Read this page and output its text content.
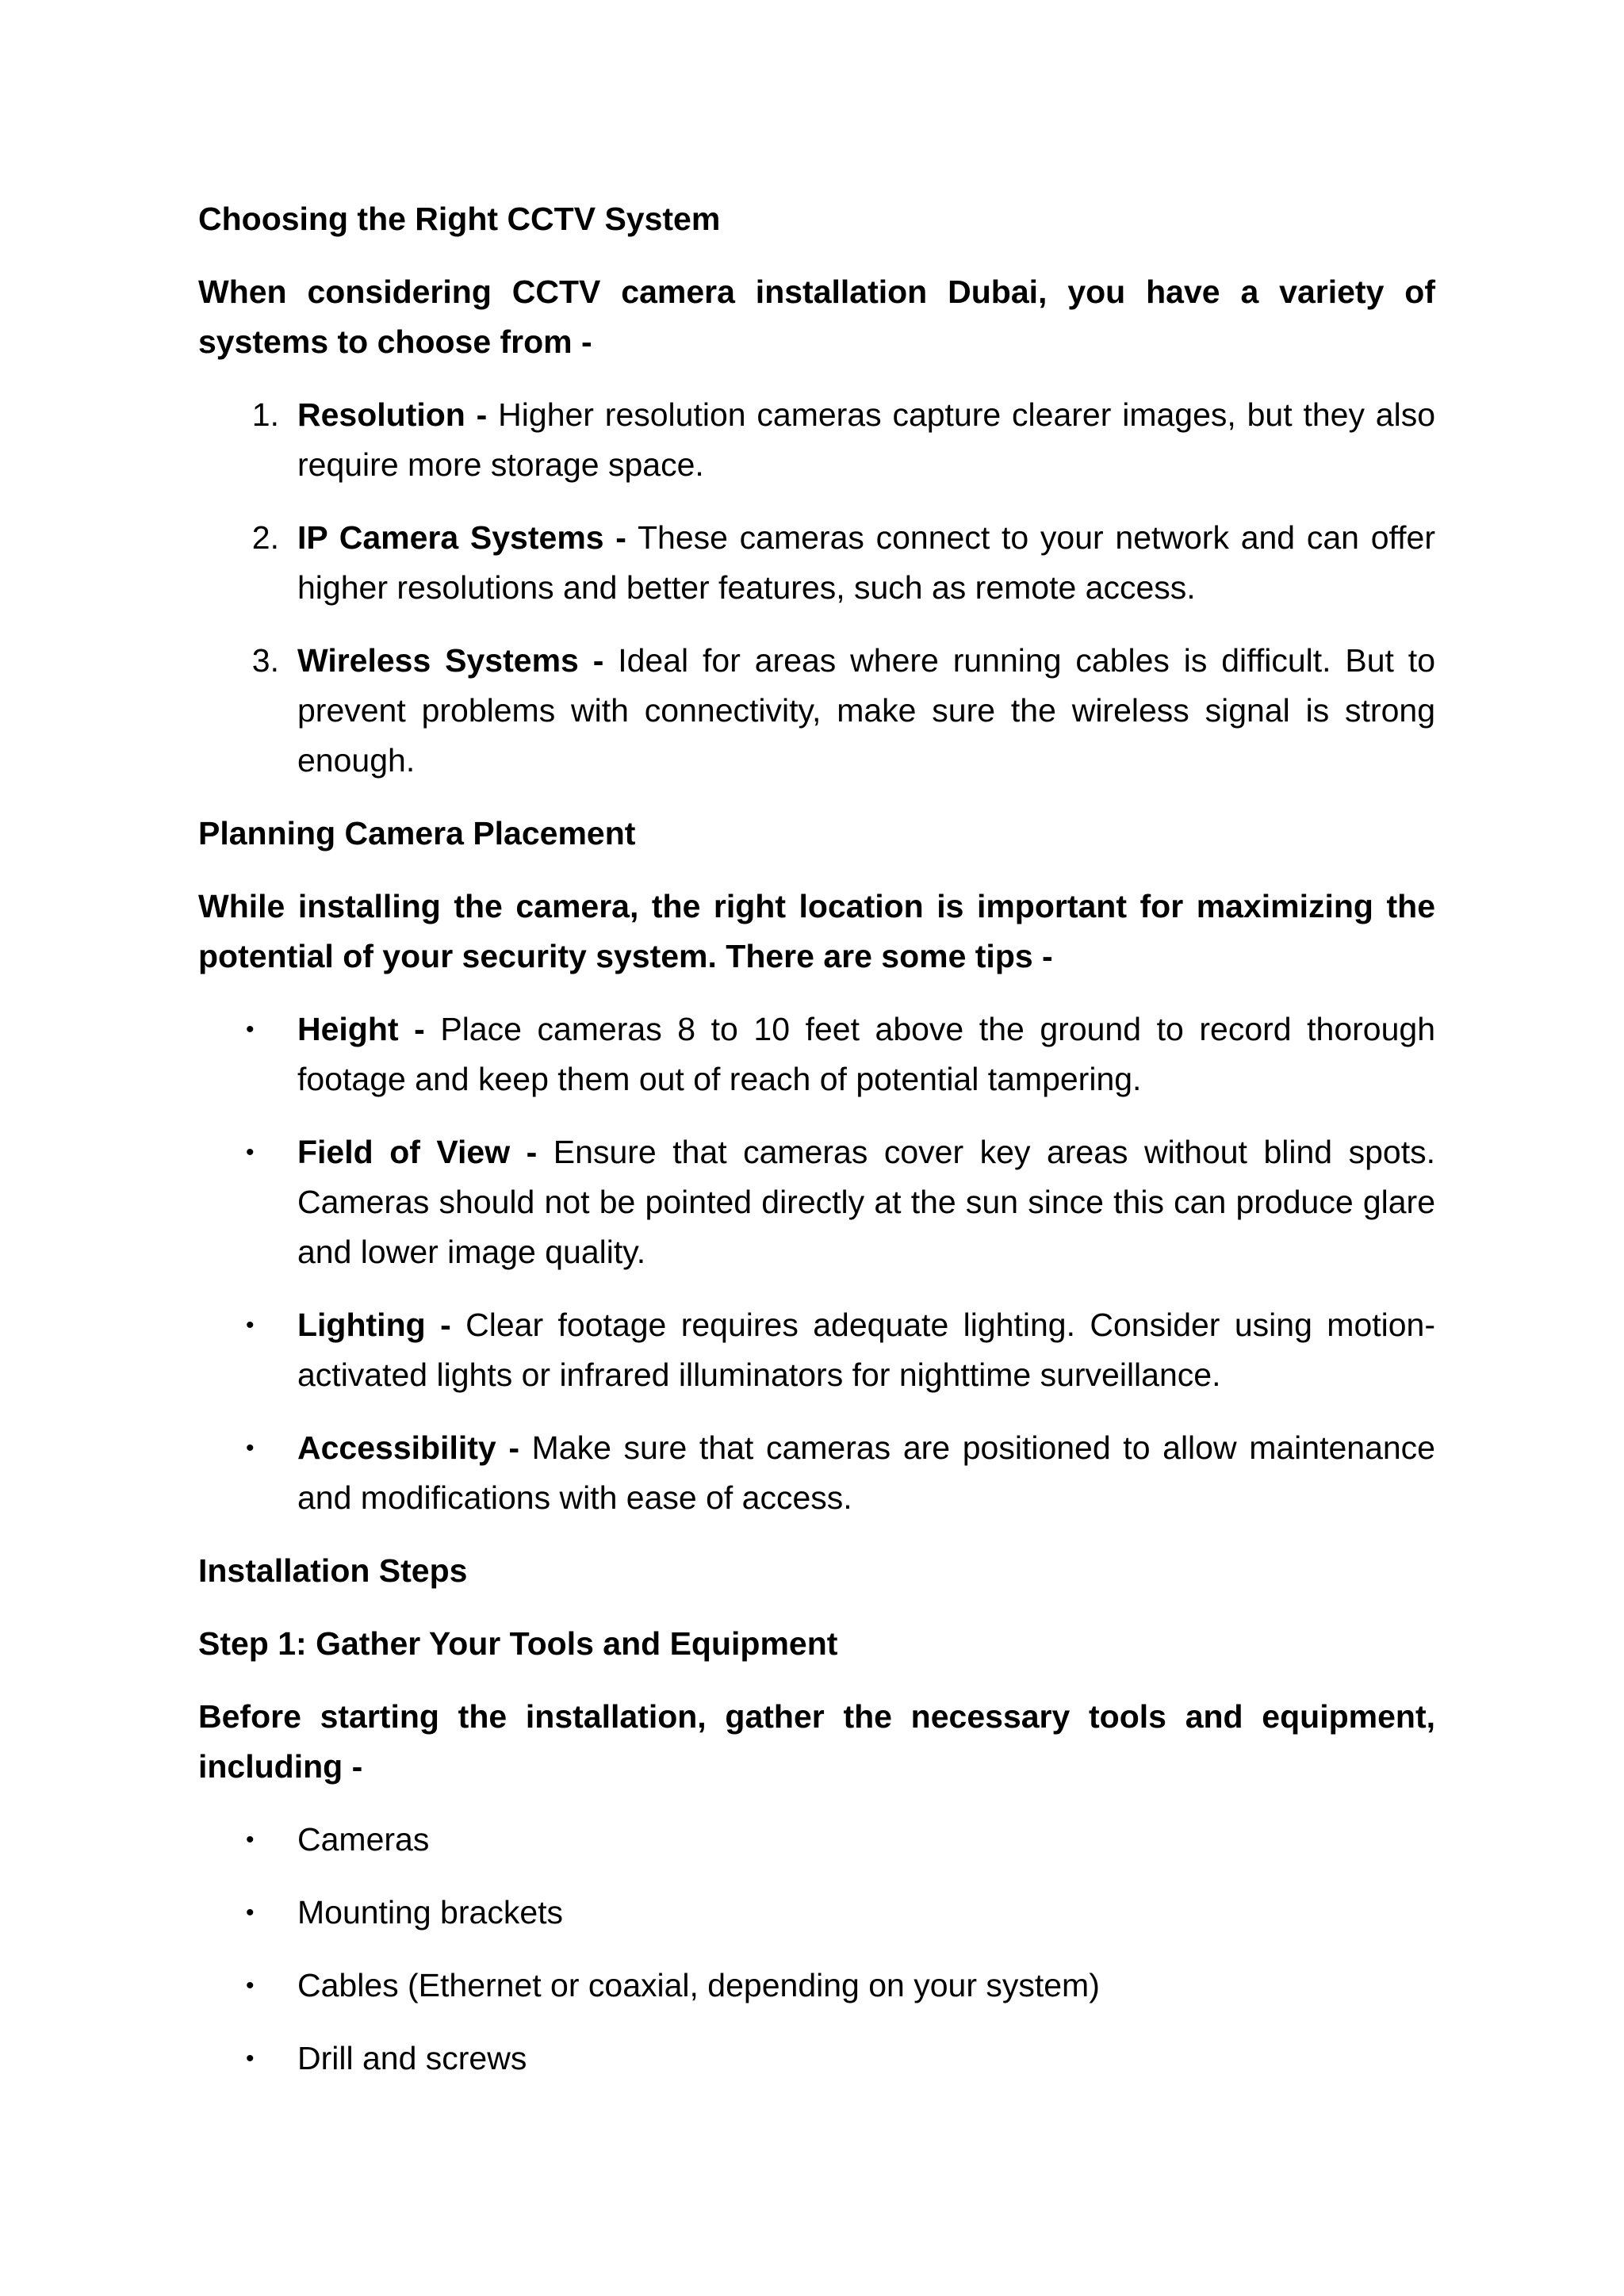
Choosing the Right CCTV System
When considering CCTV camera installation Dubai, you have a variety of systems to choose from -
1. Resolution - Higher resolution cameras capture clearer images, but they also require more storage space.
2. IP Camera Systems - These cameras connect to your network and can offer higher resolutions and better features, such as remote access.
3. Wireless Systems - Ideal for areas where running cables is difficult. But to prevent problems with connectivity, make sure the wireless signal is strong enough.
Planning Camera Placement
While installing the camera, the right location is important for maximizing the potential of your security system. There are some tips -
• Height - Place cameras 8 to 10 feet above the ground to record thorough footage and keep them out of reach of potential tampering.
• Field of View - Ensure that cameras cover key areas without blind spots. Cameras should not be pointed directly at the sun since this can produce glare and lower image quality.
• Lighting - Clear footage requires adequate lighting. Consider using motion-activated lights or infrared illuminators for nighttime surveillance.
• Accessibility - Make sure that cameras are positioned to allow maintenance and modifications with ease of access.
Installation Steps
Step 1: Gather Your Tools and Equipment
Before starting the installation, gather the necessary tools and equipment, including -
• Cameras
• Mounting brackets
• Cables (Ethernet or coaxial, depending on your system)
• Drill and screws
